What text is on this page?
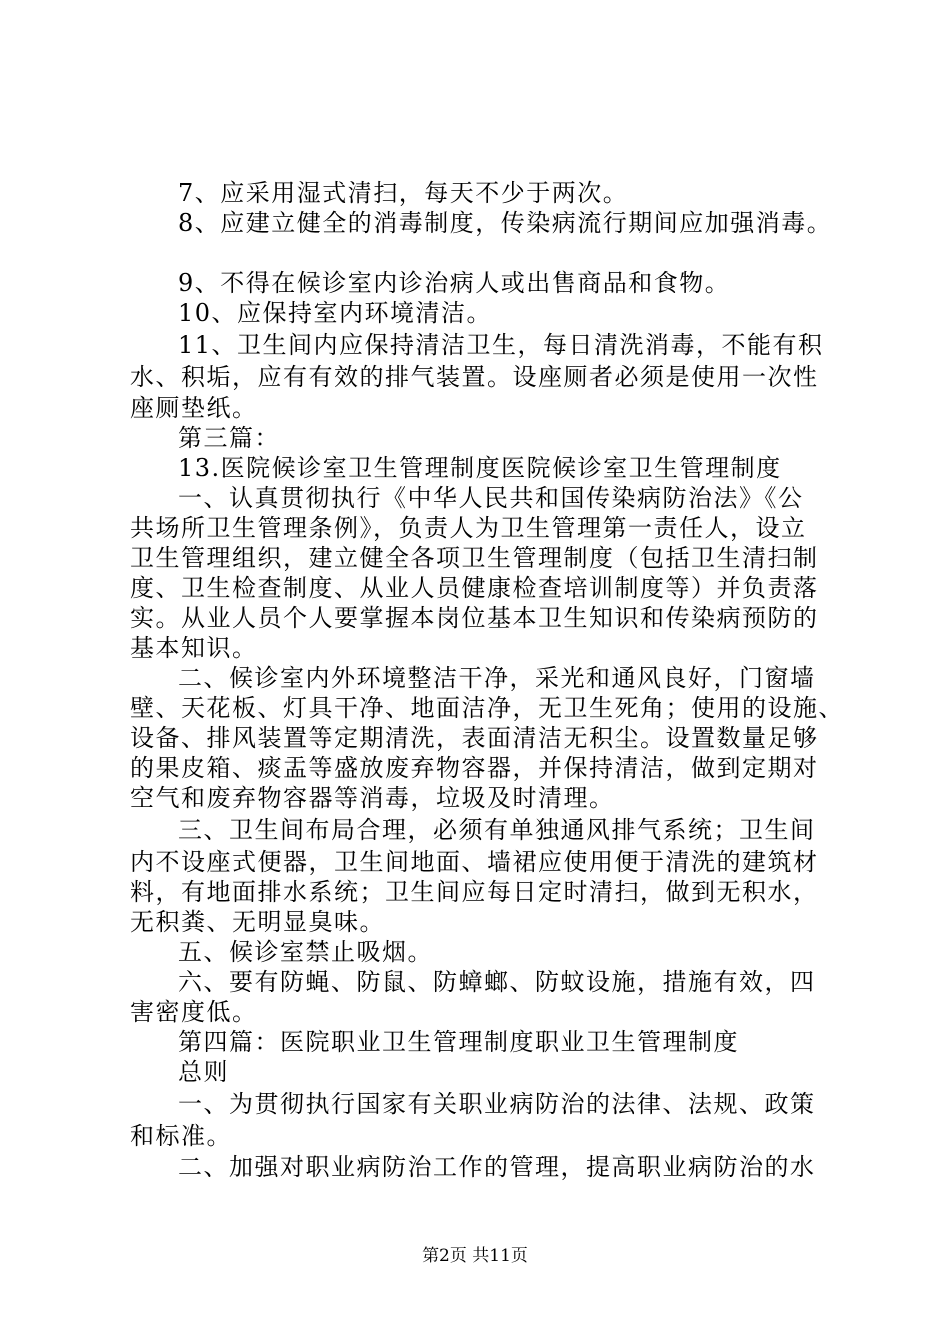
7、应采用湿式清扫，每天不少于两次。
8、应建立健全的消毒制度，传染病流行期间应加强消毒。
9、不得在候诊室内诊治病人或出售商品和食物。
10、应保持室内环境清洁。
11、卫生间内应保持清洁卫生，每日清洗消毒，不能有积
水、积垢，应有有效的排气装置。设座厕者必须是使用一次性
座厕垫纸。
第三篇：
13.医院候诊室卫生管理制度医院候诊室卫生管理制度
一、认真贯彻执行《中华人民共和国传染病防治法》《公
共场所卫生管理条例》，负责人为卫生管理第一责任人，设立
卫生管理组织，建立健全各项卫生管理制度（包括卫生清扫制
度、卫生检查制度、从业人员健康检查培训制度等）并负责落
实。从业人员个人要掌握本岗位基本卫生知识和传染病预防的
基本知识。
二、候诊室内外环境整洁干净，采光和通风良好，门窗墙
壁、天花板、灯具干净、地面洁净，无卫生死角；使用的设施、
设备、排风装置等定期清洗，表面清洁无积尘。设置数量足够
的果皮箱、痰盂等盛放废弃物容器，并保持清洁，做到定期对
空气和废弃物容器等消毒，垃圾及时清理。
三、卫生间布局合理，必须有单独通风排气系统；卫生间
内不设座式便器，卫生间地面、墙裙应使用便于清洗的建筑材
料，有地面排水系统；卫生间应每日定时清扫，做到无积水，
无积粪、无明显臭味。
五、候诊室禁止吸烟。
六、要有防蝇、防鼠、防蟑螂、防蚊设施，措施有效，四
害密度低。
第四篇：医院职业卫生管理制度职业卫生管理制度
总则
一、为贯彻执行国家有关职业病防治的法律、法规、政策
和标准。
二、加强对职业病防治工作的管理，提高职业病防治的水
第2页 共11页
